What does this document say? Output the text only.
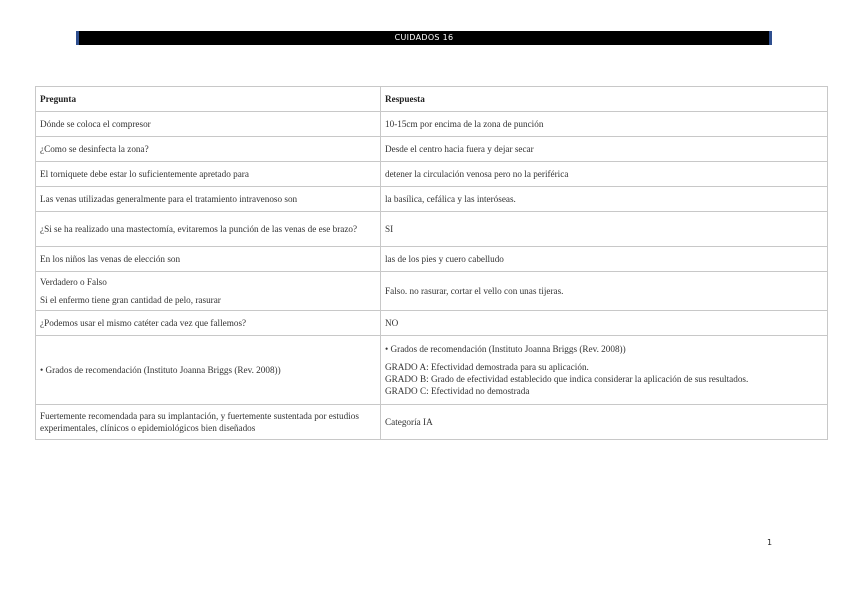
CUIDADOS 16
Pregunta	Respuesta
Dónde se coloca el compresor	10-15cm por encima de la zona de punción
¿Como se desinfecta la zona?	Desde el centro hacia fuera y dejar secar
El torniquete debe estar lo suficientemente apretado para	detener la circulación venosa pero no la periférica
Las venas utilizadas generalmente para el tratamiento intravenoso son	la basílica, cefálica y las interóseas.
¿Si se ha realizado una mastectomía, evitaremos la punción de las venas de ese brazo?	SI
En los niños las venas de elección son	las de los pies y cuero cabelludo

Verdadero o Falso
Si el enfermo tiene gran cantidad de pelo, rasurar	Falso. no rasurar, cortar el vello con unas tijeras.
¿Podemos usar el mismo catéter cada vez que fallemos?	NO
• Grados de recomendación (Instituto Joanna Briggs (Rev. 2008))	• Grados de recomendación (Instituto Joanna Briggs (Rev. 2008))
GRADO A: Efectividad demostrada para su aplicación.
GRADO B: Grado de efectividad establecido que indica considerar la aplicación de sus resultados.
GRADO C: Efectividad no demostrada

Fuertemente recomendada para su implantación, y fuertemente sustentada por estudios experimentales, clínicos o epidemiológicos bien diseñados	Categoría IA
1
